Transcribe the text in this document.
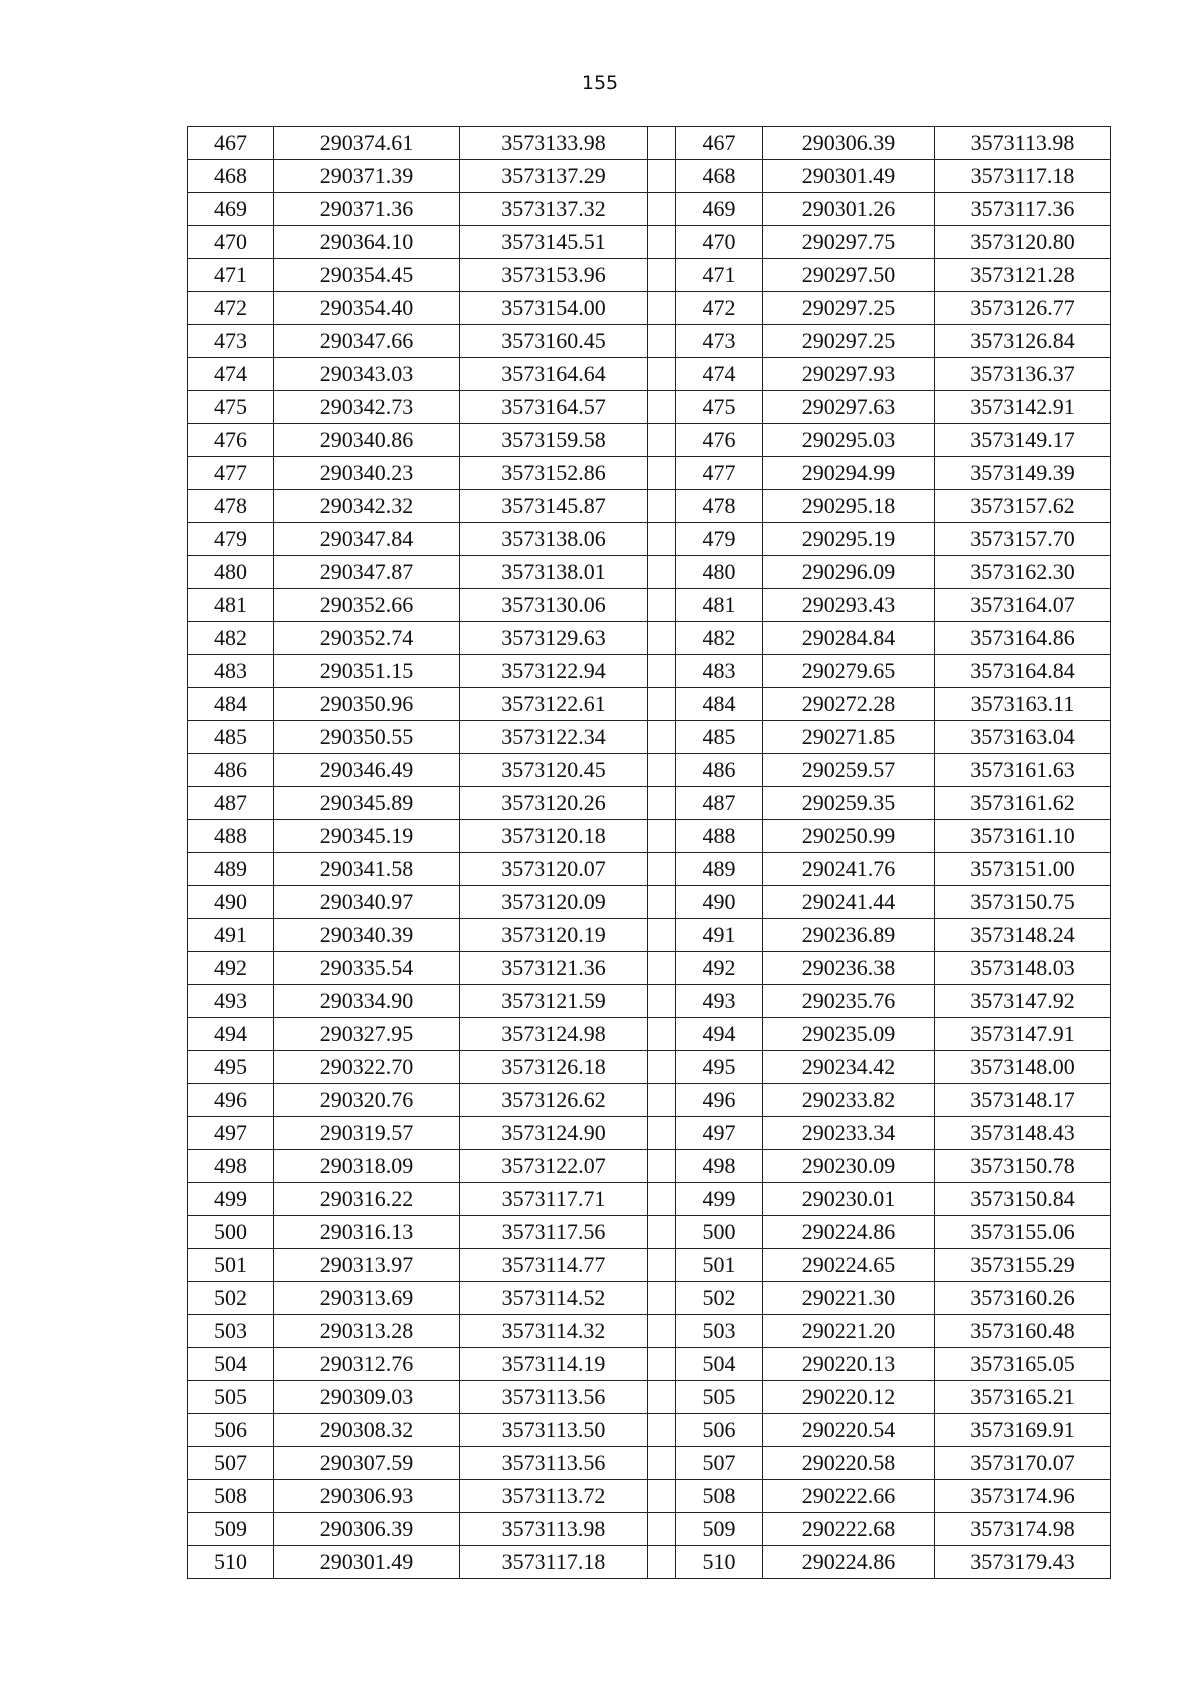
155
467	290374.61	3573133.98		467	290306.39	3573113.98
468	290371.39	3573137.29		468	290301.49	3573117.18
469	290371.36	3573137.32		469	290301.26	3573117.36
470	290364.10	3573145.51		470	290297.75	3573120.80
471	290354.45	3573153.96		471	290297.50	3573121.28
472	290354.40	3573154.00		472	290297.25	3573126.77
473	290347.66	3573160.45		473	290297.25	3573126.84
474	290343.03	3573164.64		474	290297.93	3573136.37
475	290342.73	3573164.57		475	290297.63	3573142.91
476	290340.86	3573159.58		476	290295.03	3573149.17
477	290340.23	3573152.86		477	290294.99	3573149.39
478	290342.32	3573145.87		478	290295.18	3573157.62
479	290347.84	3573138.06		479	290295.19	3573157.70
480	290347.87	3573138.01		480	290296.09	3573162.30
481	290352.66	3573130.06		481	290293.43	3573164.07
482	290352.74	3573129.63		482	290284.84	3573164.86
483	290351.15	3573122.94		483	290279.65	3573164.84
484	290350.96	3573122.61		484	290272.28	3573163.11
485	290350.55	3573122.34		485	290271.85	3573163.04
486	290346.49	3573120.45		486	290259.57	3573161.63
487	290345.89	3573120.26		487	290259.35	3573161.62
488	290345.19	3573120.18		488	290250.99	3573161.10
489	290341.58	3573120.07		489	290241.76	3573151.00
490	290340.97	3573120.09		490	290241.44	3573150.75
491	290340.39	3573120.19		491	290236.89	3573148.24
492	290335.54	3573121.36		492	290236.38	3573148.03
493	290334.90	3573121.59		493	290235.76	3573147.92
494	290327.95	3573124.98		494	290235.09	3573147.91
495	290322.70	3573126.18		495	290234.42	3573148.00
496	290320.76	3573126.62		496	290233.82	3573148.17
497	290319.57	3573124.90		497	290233.34	3573148.43
498	290318.09	3573122.07		498	290230.09	3573150.78
499	290316.22	3573117.71		499	290230.01	3573150.84
500	290316.13	3573117.56		500	290224.86	3573155.06
501	290313.97	3573114.77		501	290224.65	3573155.29
502	290313.69	3573114.52		502	290221.30	3573160.26
503	290313.28	3573114.32		503	290221.20	3573160.48
504	290312.76	3573114.19		504	290220.13	3573165.05
505	290309.03	3573113.56		505	290220.12	3573165.21
506	290308.32	3573113.50		506	290220.54	3573169.91
507	290307.59	3573113.56		507	290220.58	3573170.07
508	290306.93	3573113.72		508	290222.66	3573174.96
509	290306.39	3573113.98		509	290222.68	3573174.98
510	290301.49	3573117.18		510	290224.86	3573179.43
